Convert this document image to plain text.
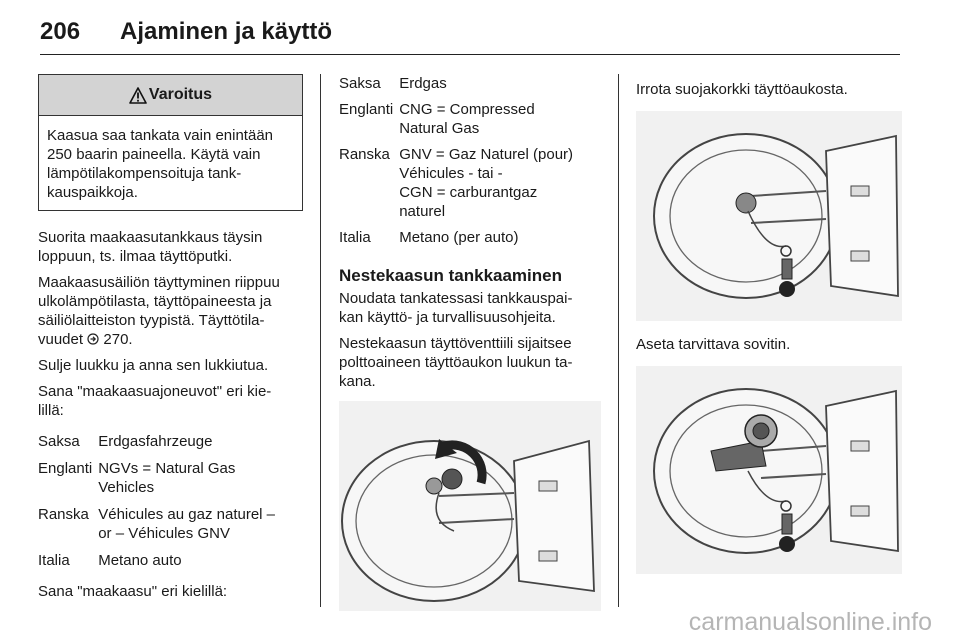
206 Ajaminen ja käyttö
Varoitus
Kaasua saa tankata vain enintään
250 baarin paineella. Käytä vain
lämpötilakompensoituja tank-
kauspaikkoja.

Suorita maakaasutankkaus täysin
loppuun, ts. ilmaa täyttöputki.

Maakaasusäiliön täyttyminen riippuu
ulkolämpötilasta, täyttöpaineesta ja
säiliölaitteiston tyypistä. Täyttötila-
vuudet 270.

Sulje luukku ja anna sen lukkiutua.

Sana "maakaasuajoneuvot" eri kie-
lillä:

Saksa	Erdgasfahrzeuge
Englanti	NGVs = Natural Gas
Vehicles
Ranska	Véhicules au gaz naturel –
or – Véhicules GNV
Italia	Metano auto

Sana "maakaasu" eri kielillä:

Saksa	Erdgas
Englanti	CNG = Compressed
Natural Gas
Ranska	GNV = Gaz Naturel (pour)
Véhicules - tai -
CGN = carburantgaz
naturel
Italia	Metano (per auto)
Nestekaasun tankkaaminen

Noudata tankatessasi tankkauspai-
kan käyttö- ja turvallisuusohjeita.

Nestekaasun täyttöventtiili sijaitsee
polttoaineen täyttöaukon luukun ta-
kana.

Irrota suojakorkki täyttöaukosta.

Aseta tarvittava sovitin.

carmanualsonline.info
